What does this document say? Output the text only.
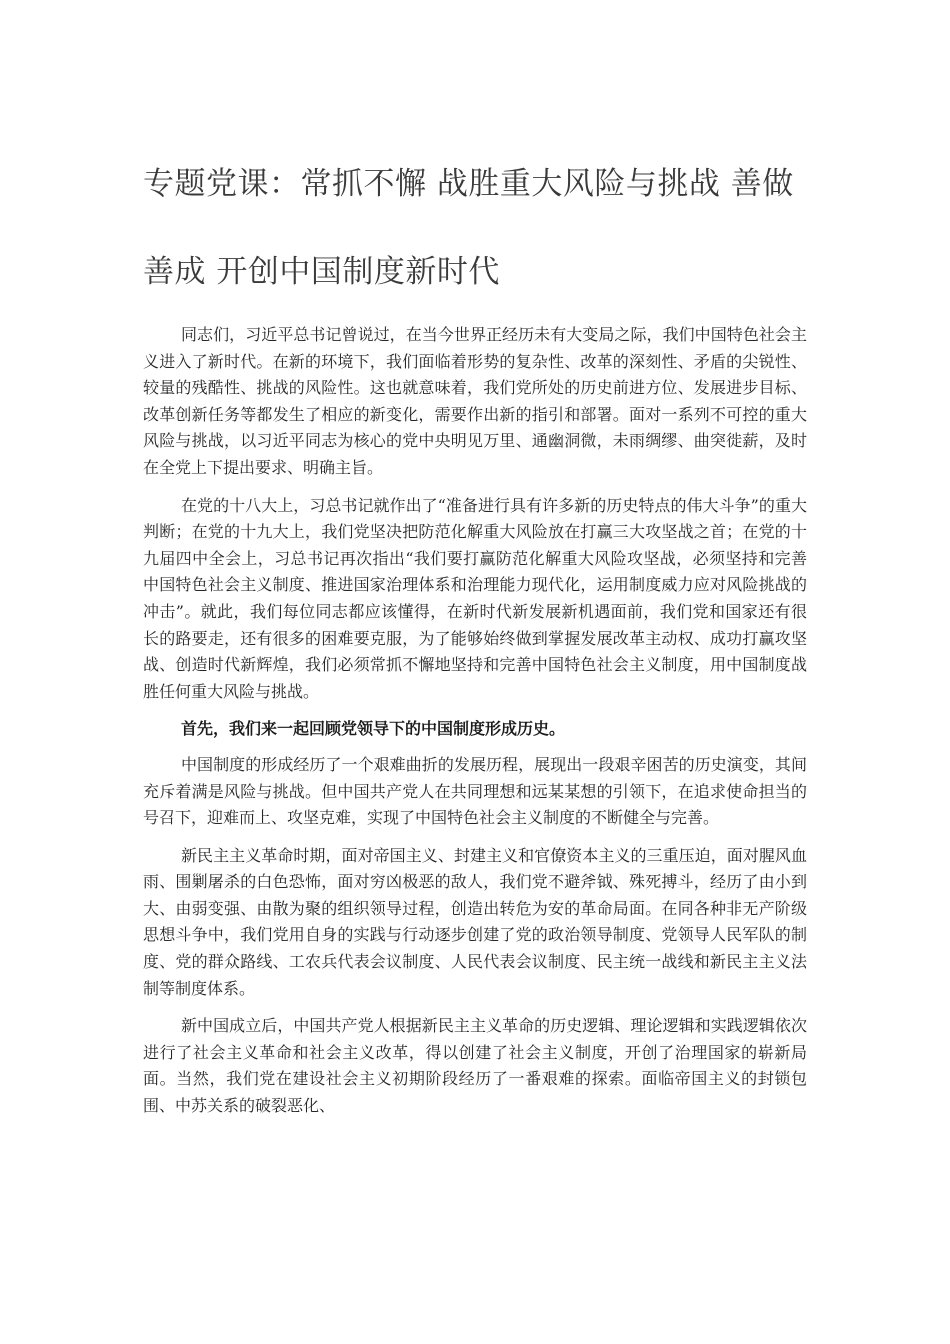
专题党课：常抓不懈 战胜重大风险与挑战 善做善成 开创中国制度新时代

同志们，习近平总书记曾说过，在当今世界正经历未有大变局之际，我们中国特色社会主义进入了新时代。在新的环境下，我们面临着形势的复杂性、改革的深刻性、矛盾的尖锐性、较量的残酷性、挑战的风险性。这也就意味着，我们党所处的历史前进方位、发展进步目标、改革创新任务等都发生了相应的新变化，需要作出新的指引和部署。面对一系列不可控的重大风险与挑战，以习近平同志为核心的党中央明见万里、通幽洞微，未雨绸缪、曲突徙薪，及时在全党上下提出要求、明确主旨。

在党的十八大上，习总书记就作出了“准备进行具有许多新的历史特点的伟大斗争”的重大判断；在党的十九大上，我们党坚决把防范化解重大风险放在打赢三大攻坚战之首；在党的十九届四中全会上，习总书记再次指出“我们要打赢防范化解重大风险攻坚战，必须坚持和完善中国特色社会主义制度、推进国家治理体系和治理能力现代化，运用制度威力应对风险挑战的冲击”。就此，我们每位同志都应该懂得，在新时代新发展新机遇面前，我们党和国家还有很长的路要走，还有很多的困难要克服，为了能够始终做到掌握发展改革主动权、成功打赢攻坚战、创造时代新辉煌，我们必须常抓不懈地坚持和完善中国特色社会主义制度，用中国制度战胜任何重大风险与挑战。

首先，我们来一起回顾党领导下的中国制度形成历史。

中国制度的形成经历了一个艰难曲折的发展历程，展现出一段艰辛困苦的历史演变，其间充斥着满是风险与挑战。但中国共产党人在共同理想和远某某想的引领下，在追求使命担当的号召下，迎难而上、攻坚克难，实现了中国特色社会主义制度的不断健全与完善。

新民主主义革命时期，面对帝国主义、封建主义和官僚资本主义的三重压迫，面对腥风血雨、围剿屠杀的白色恐怖，面对穷凶极恶的敌人，我们党不避斧钺、殊死搏斗，经历了由小到大、由弱变强、由散为聚的组织领导过程，创造出转危为安的革命局面。在同各种非无产阶级思想斗争中，我们党用自身的实践与行动逐步创建了党的政治领导制度、党领导人民军队的制度、党的群众路线、工农兵代表会议制度、人民代表会议制度、民主统一战线和新民主主义法制等制度体系。

新中国成立后，中国共产党人根据新民主主义革命的历史逻辑、理论逻辑和实践逻辑依次进行了社会主义革命和社会主义改革，得以创建了社会主义制度，开创了治理国家的崭新局面。当然，我们党在建设社会主义初期阶段经历了一番艰难的探索。面临帝国主义的封锁包围、中苏关系的破裂恶化、
